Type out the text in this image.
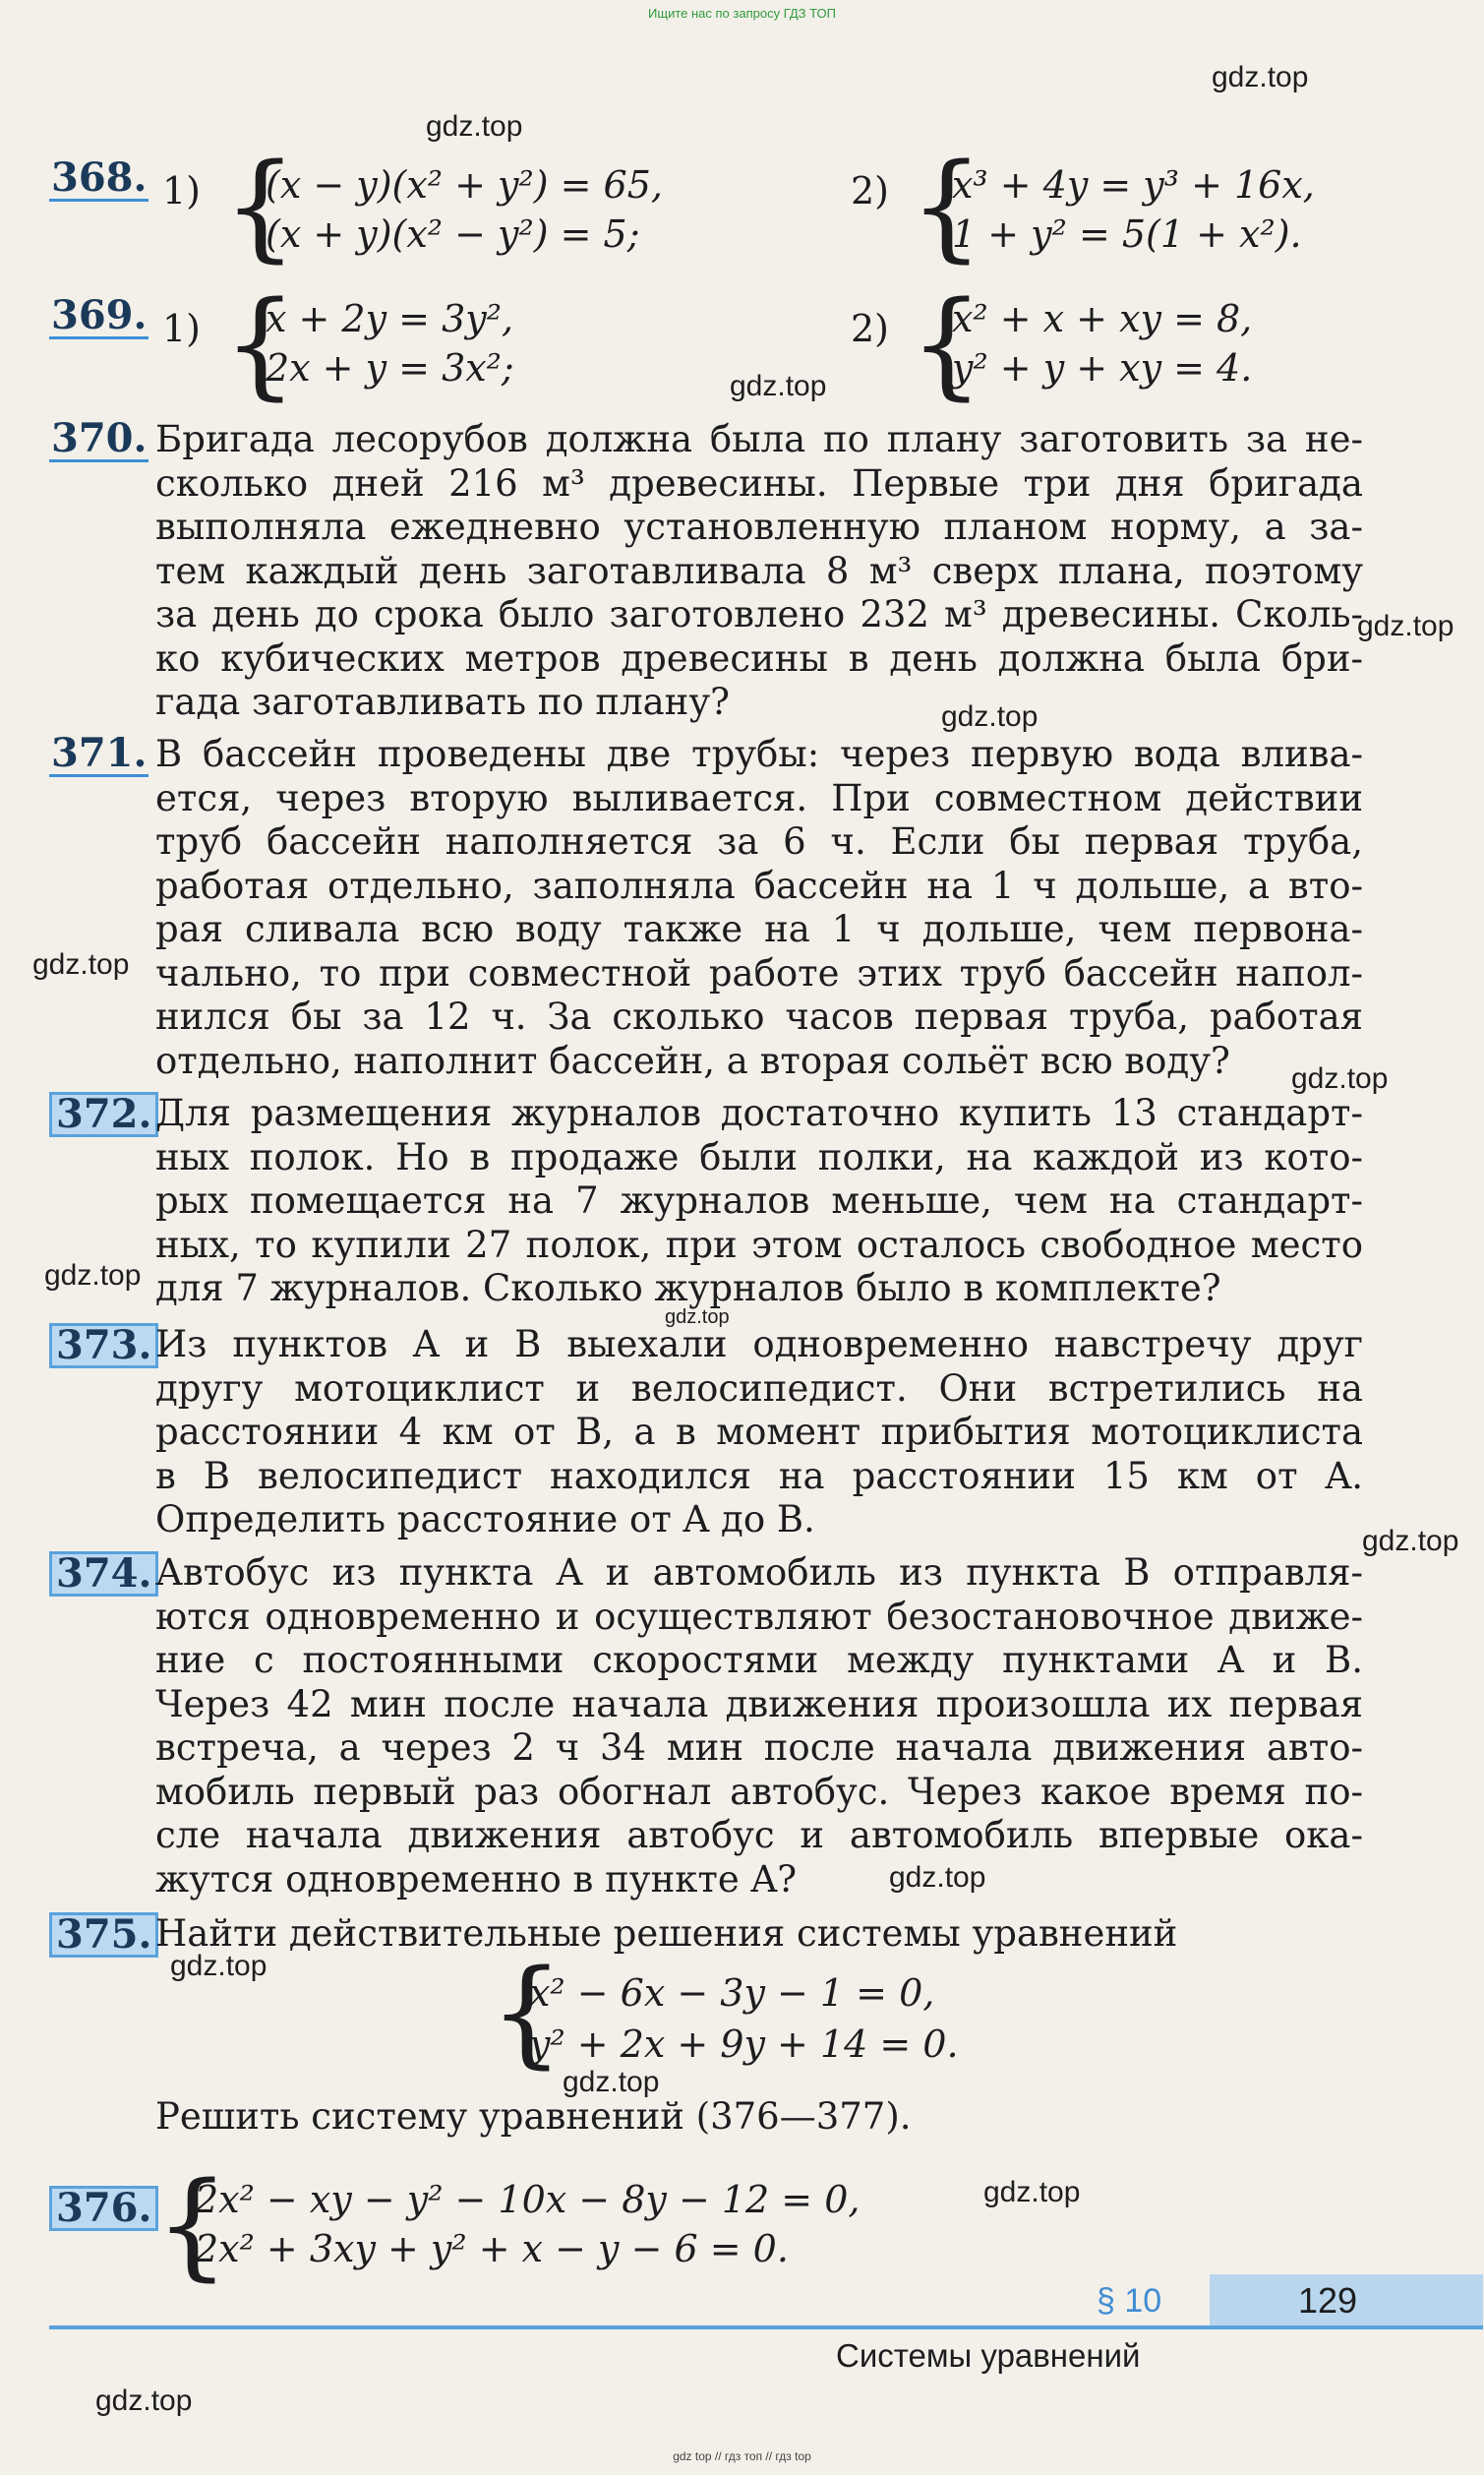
Ищите нас по запросу ГДЗ ТОП
gdz.top
gdz.top
gdz.top
gdz.top
gdz.top
gdz.top
gdz.top
gdz.top
gdz.top
gdz.top
gdz.top
gdz.top
gdz.top
gdz.top
gdz.top
368. 1) {
(x − y)(x² + y²) = 65,
(x + y)(x² − y²) = 5;
2) {
x³ + 4y = y³ + 16x,
1 + y² = 5(1 + x²).
369. 1) {
x + 2y = 3y²,
2x + y = 3x²;
2) {
x² + x + xy = 8,
y² + y + xy = 4.
370. Бригада лесорубов должна была по плану заготовить за не-
сколько дней 216 м³ древесины. Первые три дня бригада
выполняла ежедневно установленную планом норму, а за-
тем каждый день заготавливала 8 м³ сверх плана, поэтому
за день до срока было заготовлено 232 м³ древесины. Сколь-
ко кубических метров древесины в день должна была бри-
гада заготавливать по плану?
371. В бассейн проведены две трубы: через первую вода влива-
ется, через вторую выливается. При совместном действии
труб бассейн наполняется за 6 ч. Если бы первая труба,
работая отдельно, заполняла бассейн на 1 ч дольше, а вто-
рая сливала всю воду также на 1 ч дольше, чем первона-
чально, то при совместной работе этих труб бассейн напол-
нился бы за 12 ч. За сколько часов первая труба, работая
отдельно, наполнит бассейн, а вторая сольёт всю воду?
372. Для размещения журналов достаточно купить 13 стандарт-
ных полок. Но в продаже были полки, на каждой из кото-
рых помещается на 7 журналов меньше, чем на стандарт-
ных, то купили 27 полок, при этом осталось свободное место
для 7 журналов. Сколько журналов было в комплекте?
373. Из пунктов A и B выехали одновременно навстречу друг
другу мотоциклист и велосипедист. Они встретились на
расстоянии 4 км от B, а в момент прибытия мотоциклиста
в B велосипедист находился на расстоянии 15 км от A.
Определить расстояние от A до B.
374. Автобус из пункта A и автомобиль из пункта B отправля-
ются одновременно и осуществляют безостановочное движе-
ние с постоянными скоростями между пунктами A и B.
Через 42 мин после начала движения произошла их первая
встреча, а через 2 ч 34 мин после начала движения авто-
мобиль первый раз обогнал автобус. Через какое время по-
сле начала движения автобус и автомобиль впервые ока-
жутся одновременно в пункте A?
375. Найти действительные решения системы уравнений
{
x² − 6x − 3y − 1 = 0,
y² + 2x + 9y + 14 = 0.
Решить систему уравнений (376—377).
376. {
2x² − xy − y² − 10x − 8y − 12 = 0,
2x² + 3xy + y² + x − y − 6 = 0.
§ 10	129
Системы уравнений
gdz top // гдз топ // гдз top
